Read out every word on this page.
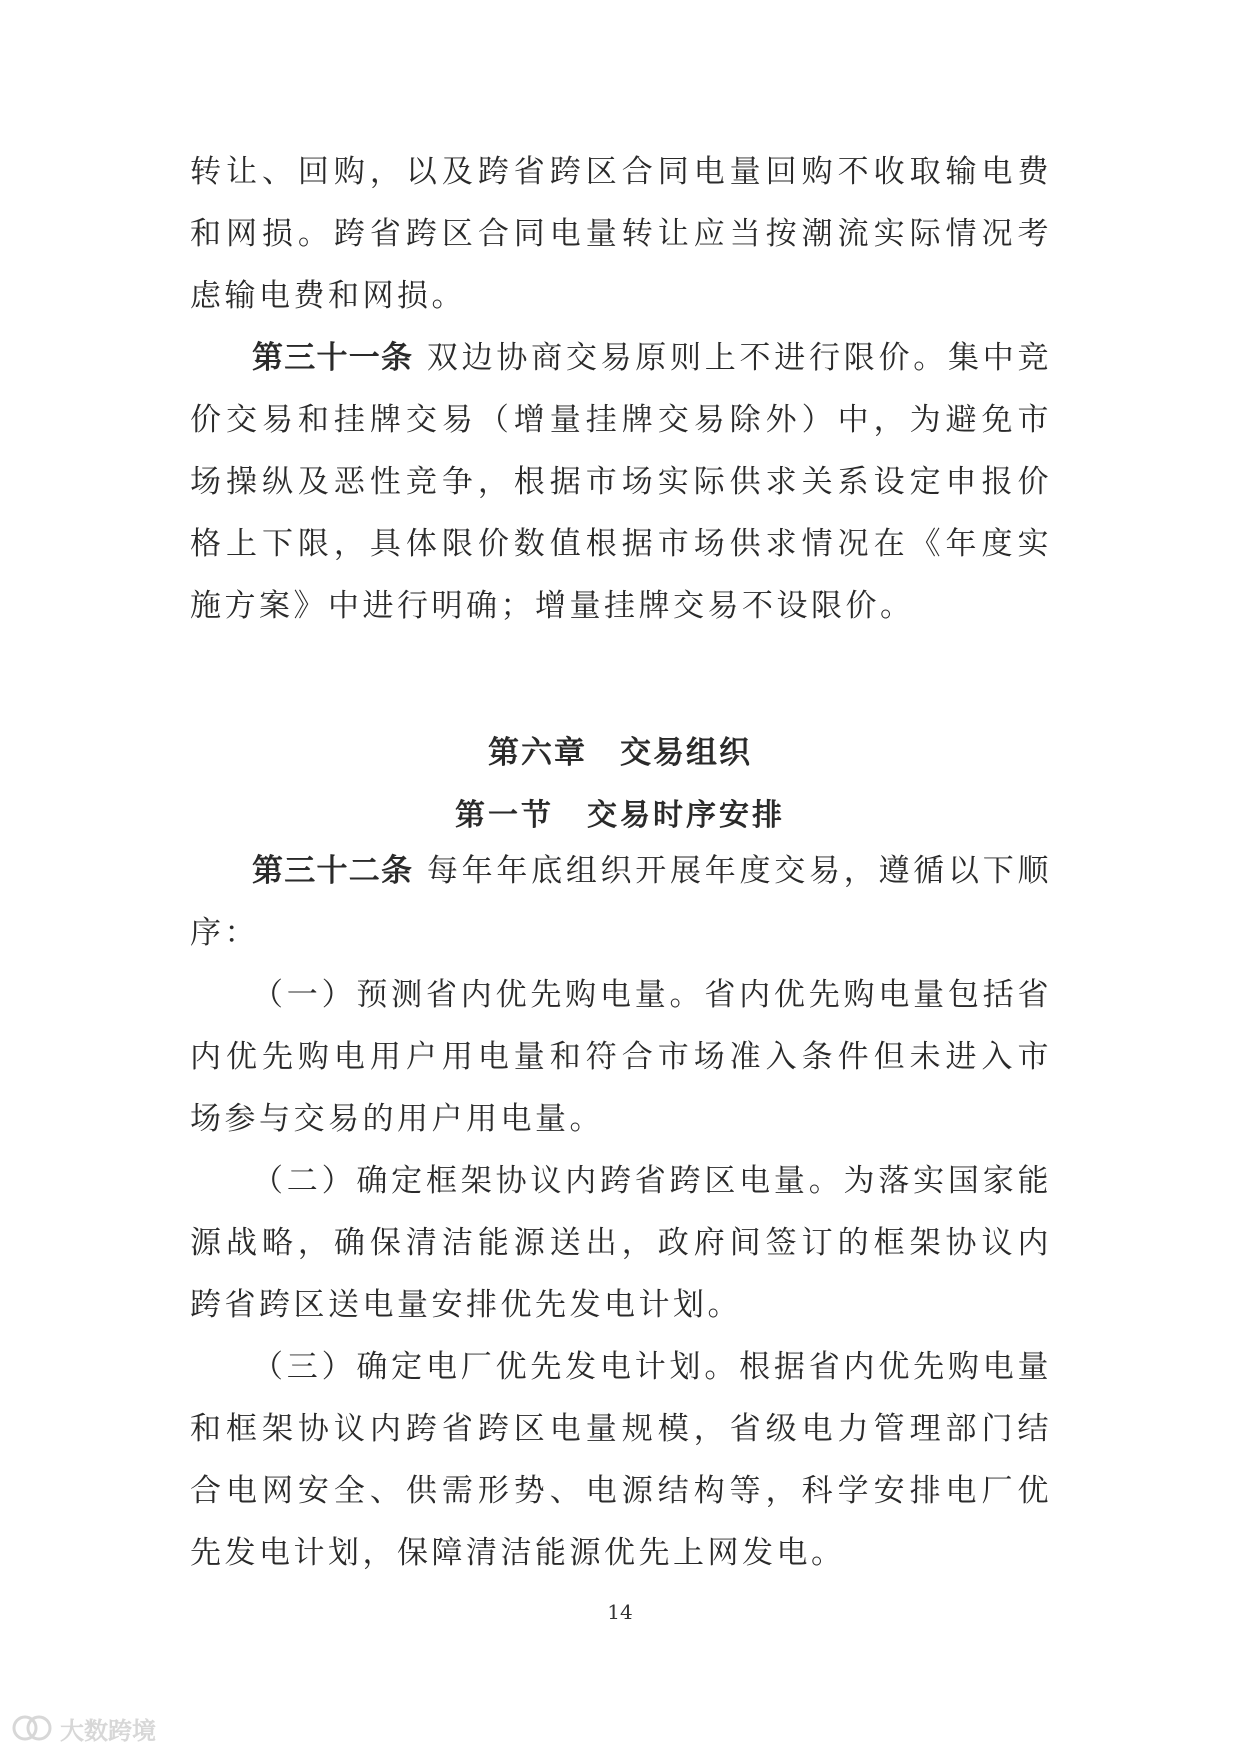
转让、回购，以及跨省跨区合同电量回购不收取输电费和网损。跨省跨区合同电量转让应当按潮流实际情况考虑输电费和网损。

第三十一条 双边协商交易原则上不进行限价。集中竞价交易和挂牌交易（增量挂牌交易除外）中，为避免市场操纵及恶性竞争，根据市场实际供求关系设定申报价格上下限，具体限价数值根据市场供求情况在《年度实施方案》中进行明确；增量挂牌交易不设限价。

第六章　交易组织
第一节　交易时序安排

第三十二条 每年年底组织开展年度交易，遵循以下顺序：

（一）预测省内优先购电量。省内优先购电量包括省内优先购电用户用电量和符合市场准入条件但未进入市场参与交易的用户用电量。

（二）确定框架协议内跨省跨区电量。为落实国家能源战略，确保清洁能源送出，政府间签订的框架协议内跨省跨区送电量安排优先发电计划。

（三）确定电厂优先发电计划。根据省内优先购电量和框架协议内跨省跨区电量规模，省级电力管理部门结合电网安全、供需形势、电源结构等，科学安排电厂优先发电计划，保障清洁能源优先上网发电。

14
大数跨境
